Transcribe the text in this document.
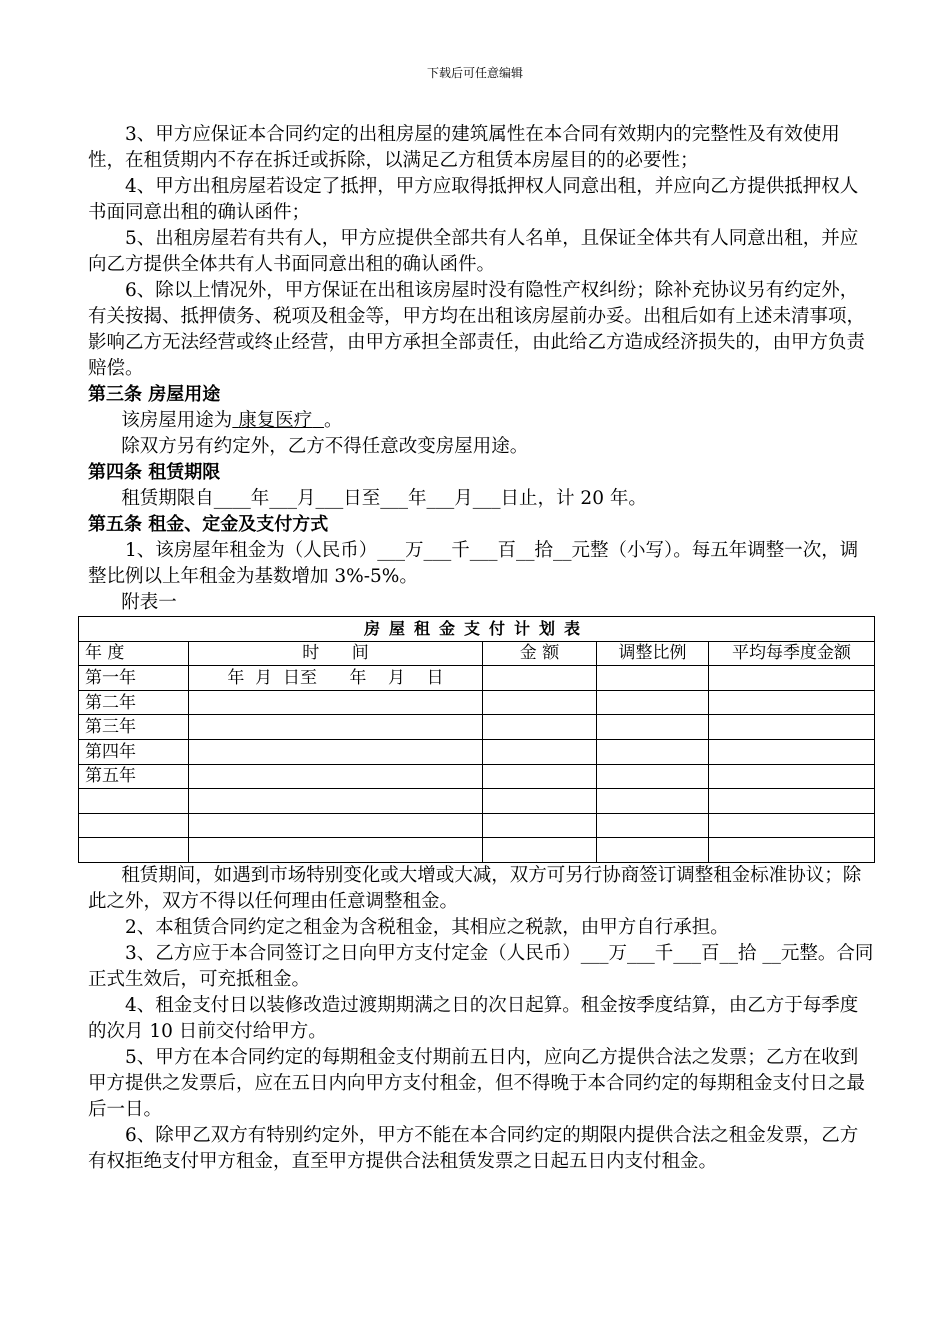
下载后可任意编辑

3、甲方应保证本合同约定的出租房屋的建筑属性在本合同有效期内的完整性及有效使用性，在租赁期内不存在拆迁或拆除，以满足乙方租赁本房屋目的的必要性；

4、甲方出租房屋若设定了抵押，甲方应取得抵押权人同意出租，并应向乙方提供抵押权人书面同意出租的确认函件；

5、出租房屋若有共有人，甲方应提供全部共有人名单，且保证全体共有人同意出租，并应向乙方提供全体共有人书面同意出租的确认函件。

6、除以上情况外，甲方保证在出租该房屋时没有隐性产权纠纷；除补充协议另有约定外，有关按揭、抵押债务、税项及租金等，甲方均在出租该房屋前办妥。出租后如有上述未清事项，影响乙方无法经营或终止经营，由甲方承担全部责任，由此给乙方造成经济损失的，由甲方负责赔偿。

第三条 房屋用途

该房屋用途为 康复医疗 。

除双方另有约定外，乙方不得任意改变房屋用途。

第四条 租赁期限

租赁期限自____年___月___日至___年___月___日止，计 20 年。

第五条 租金、定金及支付方式

1、该房屋年租金为（人民币）___万___千___百__拾__元整（小写）。每五年调整一次，调整比例以上年租金为基数增加 3%-5%。

附表一

房屋租金支付计划表				
年 度	时      间	金 额	调整比例	平均每季度金额
第一年	年  月  日至      年    月    日			
第二年				
第三年				
第四年				
第五年				

租赁期间，如遇到市场特别变化或大增或大减，双方可另行协商签订调整租金标准协议；除此之外，双方不得以任何理由任意调整租金。

2、本租赁合同约定之租金为含税租金，其相应之税款，由甲方自行承担。

3、乙方应于本合同签订之日向甲方支付定金（人民币）___万___千___百__拾 __元整。合同正式生效后，可充抵租金。

4、租金支付日以装修改造过渡期期满之日的次日起算。租金按季度结算，由乙方于每季度的次月 10 日前交付给甲方。

5、甲方在本合同约定的每期租金支付期前五日内，应向乙方提供合法之发票；乙方在收到甲方提供之发票后，应在五日内向甲方支付租金，但不得晚于本合同约定的每期租金支付日之最后一日。

6、除甲乙双方有特别约定外，甲方不能在本合同约定的期限内提供合法之租金发票，乙方有权拒绝支付甲方租金，直至甲方提供合法租赁发票之日起五日内支付租金。
